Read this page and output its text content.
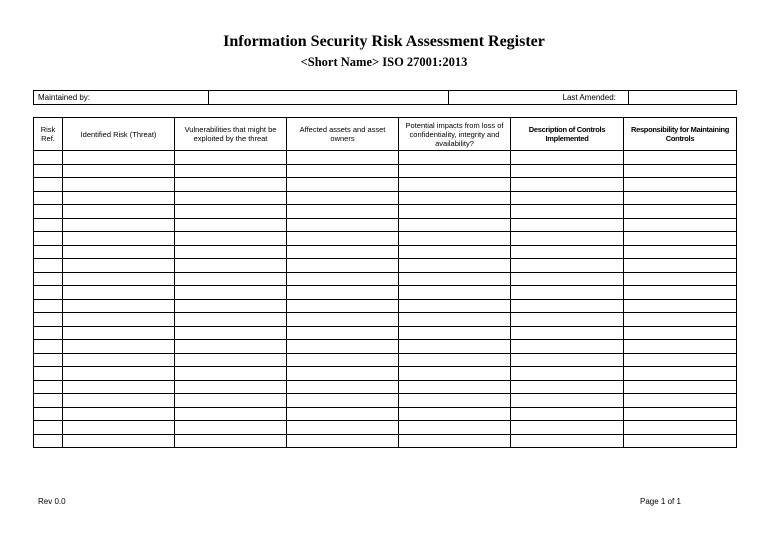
Information Security Risk Assessment Register
<Short Name> ISO 27001:2013
Maintained by:			Last Amended:	
Risk Ref.	Identified Risk (Threat)	Vulnerabilities that might be exploited by the threat	Affected assets and asset owners	Potential impacts from loss of confidentiality, integrity and availability?	Description of Controls Implemented	Responsibility for Maintaining Controls

Rev 0.0	Page 1 of 1
